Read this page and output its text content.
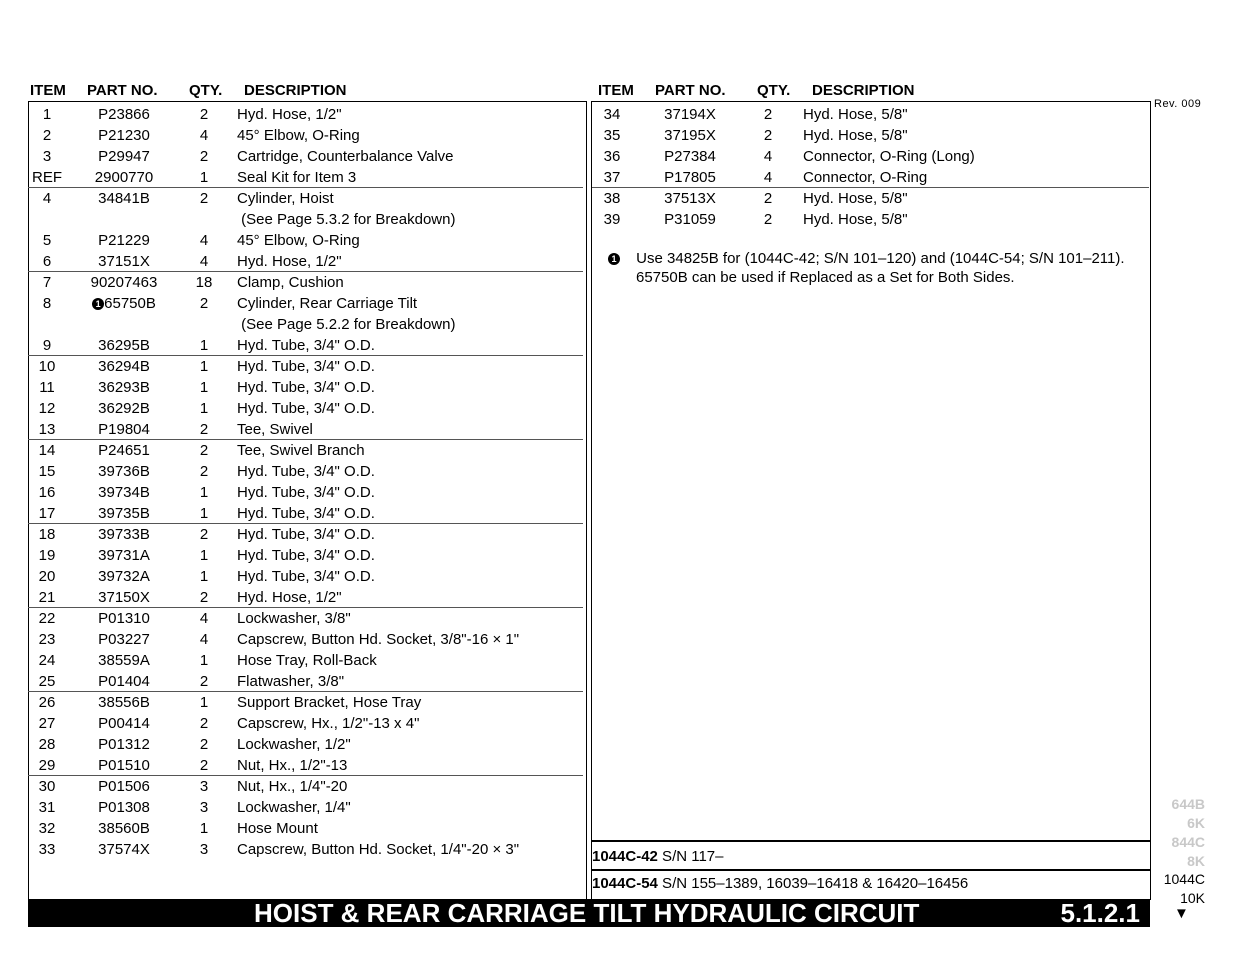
ITEM PART NO. QTY. DESCRIPTION	ITEM PART NO. QTY. DESCRIPTION
Rev. 009
1	P23866	2	Hyd. Hose, 1/2"
2	P21230	4	45° Elbow, O-Ring
3	P29947	2	Cartridge, Counterbalance Valve
REF	2900770	1	Seal Kit for Item 3
4	34841B	2	Cylinder, Hoist
(See Page 5.3.2 for Breakdown)
5	P21229	4	45° Elbow, O-Ring
6	37151X	4	Hyd. Hose, 1/2"
7	90207463	18	Clamp, Cushion
8	1 65750B	2	Cylinder, Rear Carriage Tilt
(See Page 5.2.2 for Breakdown)
9	36295B	1	Hyd. Tube, 3/4" O.D.
10	36294B	1	Hyd. Tube, 3/4" O.D.
11	36293B	1	Hyd. Tube, 3/4" O.D.
12	36292B	1	Hyd. Tube, 3/4" O.D.
13	P19804	2	Tee, Swivel
14	P24651	2	Tee, Swivel Branch
15	39736B	2	Hyd. Tube, 3/4" O.D.
16	39734B	1	Hyd. Tube, 3/4" O.D.
17	39735B	1	Hyd. Tube, 3/4" O.D.
18	39733B	2	Hyd. Tube, 3/4" O.D.
19	39731A	1	Hyd. Tube, 3/4" O.D.
20	39732A	1	Hyd. Tube, 3/4" O.D.
21	37150X	2	Hyd. Hose, 1/2"
22	P01310	4	Lockwasher, 3/8"
23	P03227	4	Capscrew, Button Hd. Socket, 3/8"-16 × 1"
24	38559A	1	Hose Tray, Roll-Back
25	P01404	2	Flatwasher, 3/8"
26	38556B	1	Support Bracket, Hose Tray
27	P00414	2	Capscrew, Hx., 1/2"-13 x 4"
28	P01312	2	Lockwasher, 1/2"
29	P01510	2	Nut, Hx., 1/2"-13
30	P01506	3	Nut, Hx., 1/4"-20
31	P01308	3	Lockwasher, 1/4"
32	38560B	1	Hose Mount
33	37574X	3	Capscrew, Button Hd. Socket, 1/4"-20 × 3"
34	37194X	2	Hyd. Hose, 5/8"
35	37195X	2	Hyd. Hose, 5/8"
36	P27384	4	Connector, O-Ring (Long)
37	P17805	4	Connector, O-Ring
38	37513X	2	Hyd. Hose, 5/8"
39	P31059	2	Hyd. Hose, 5/8"
1 Use 34825B for (1044C-42; S/N 101–120) and (1044C-54; S/N 101–211).
65750B can be used if Replaced as a Set for Both Sides.
1044C-42 S/N 117–
1044C-54 S/N 155–1389, 16039–16418 & 16420–16456
HOIST & REAR CARRIAGE TILT HYDRAULIC CIRCUIT	5.1.2.1
644B
6K
844C
8K
1044C
10K
▼
